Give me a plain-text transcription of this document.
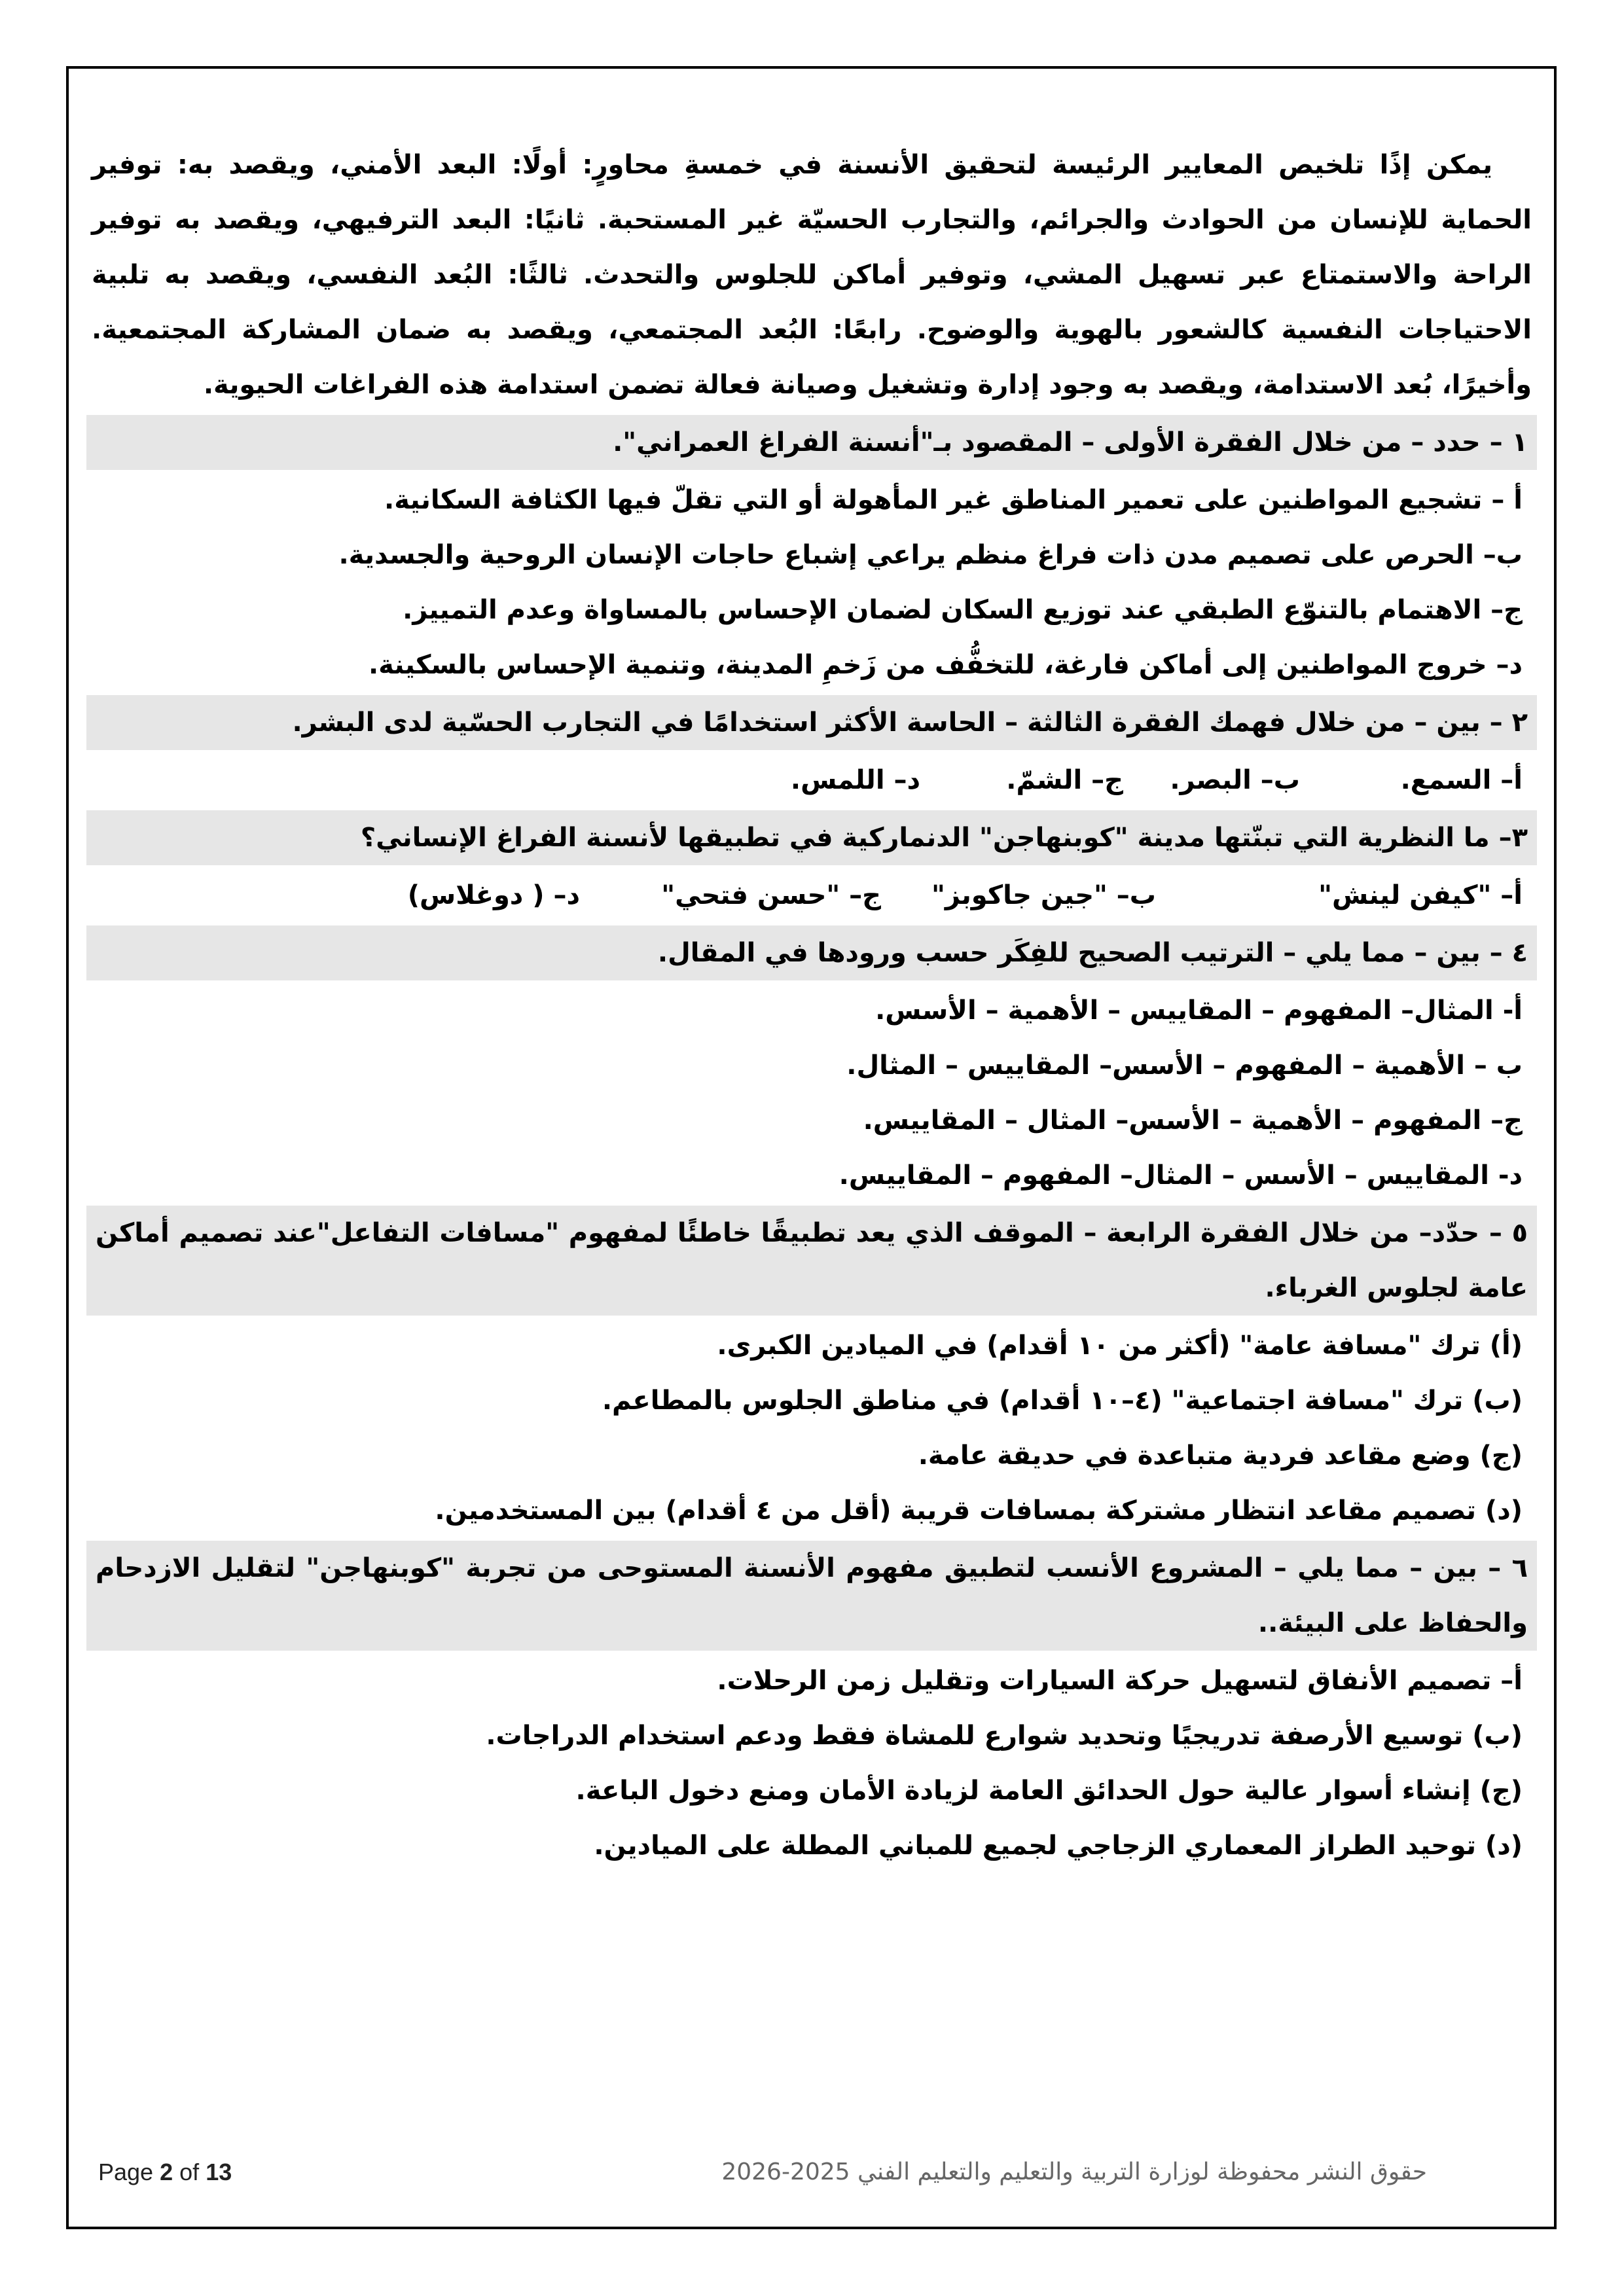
يمكن إذًا تلخيص المعايير الرئيسة لتحقيق الأنسنة في خمسةِ محاورٍ: أولًا: البعد الأمني، ويقصد به: توفير الحماية للإنسان من الحوادث والجرائم، والتجارب الحسيّة غير المستحبة. ثانيًا: البعد الترفيهي، ويقصد به توفير الراحة والاستمتاع عبر تسهيل المشي، وتوفير أماكن للجلوس والتحدث. ثالثًا: البُعد النفسي، ويقصد به تلبية الاحتياجات النفسية كالشعور بالهوية والوضوح. رابعًا: البُعد المجتمعي، ويقصد به ضمان المشاركة المجتمعية. وأخيرًا، بُعد الاستدامة، ويقصد به وجود إدارة وتشغيل وصيانة فعالة تضمن استدامة هذه الفراغات الحيوية.

١ – حدد – من خلال الفقرة الأولى – المقصود بـ"أنسنة الفراغ العمراني".

أ – تشجيع المواطنين على تعمير المناطق غير المأهولة أو التي تقلّ فيها الكثافة السكانية.

ب– الحرص على تصميم مدن ذات فراغ منظم يراعي إشباع حاجات الإنسان الروحية والجسدية.

ج– الاهتمام بالتنوّع الطبقي عند توزيع السكان لضمان الإحساس بالمساواة وعدم التمييز.

د– خروج المواطنين إلى أماكن فارغة، للتخفُّف من زَخمِ المدينة، وتنمية الإحساس بالسكينة.

٢ – بين – من خلال فهمك الفقرة الثالثة – الحاسة الأكثر استخدامًا في التجارب الحسّية لدى البشر.
أ– السمع.
ب– البصر.
ج– الشمّ.
د– اللمس.
٣– ما النظرية التي تبنّتها مدينة "كوبنهاجن" الدنماركية في تطبيقها لأنسنة الفراغ الإنساني؟
أ– "كيفن لينش"
ب– "جين جاكوبز"
ج– "حسن فتحي"
د– ( دوغلاس)
٤ – بين – مما يلي – الترتيب الصحيح للفِكَر حسب ورودها في المقال.

أ- المثال– المفهوم – المقاييس – الأهمية – الأسس.

ب – الأهمية – المفهوم – الأسس– المقاييس – المثال.

ج– المفهوم – الأهمية – الأسس– المثال – المقاييس.

د- المقاييس – الأسس – المثال– المفهوم – المقاييس.

٥ – حدّد– من خلال الفقرة الرابعة – الموقف الذي يعد تطبيقًا خاطئًا لمفهوم "مسافات التفاعل"عند تصميم أماكن عامة لجلوس الغرباء.

(أ) ترك "مسافة عامة" (أكثر من ١٠ أقدام) في الميادين الكبرى.

(ب) ترك "مسافة اجتماعية" (٤–١٠ أقدام) في مناطق الجلوس بالمطاعم.

(ج) وضع مقاعد فردية متباعدة في حديقة عامة.

(د) تصميم مقاعد انتظار مشتركة بمسافات قريبة (أقل من ٤ أقدام) بين المستخدمين.

٦ – بين – مما يلي – المشروع الأنسب لتطبيق مفهوم الأنسنة المستوحى من تجربة "كوبنهاجن" لتقليل الازدحام والحفاظ على البيئة..

أ– تصميم الأنفاق لتسهيل حركة السيارات وتقليل زمن الرحلات.

(ب) توسيع الأرصفة تدريجيًا وتحديد شوارع للمشاة فقط ودعم استخدام الدراجات.

(ج) إنشاء أسوار عالية حول الحدائق العامة لزيادة الأمان ومنع دخول الباعة.

(د) توحيد الطراز المعماري الزجاجي لجميع للمباني المطلة على الميادين.

Page 2 of 13	حقوق النشر محفوظة لوزارة التربية والتعليم والتعليم الفني 2025-2026
